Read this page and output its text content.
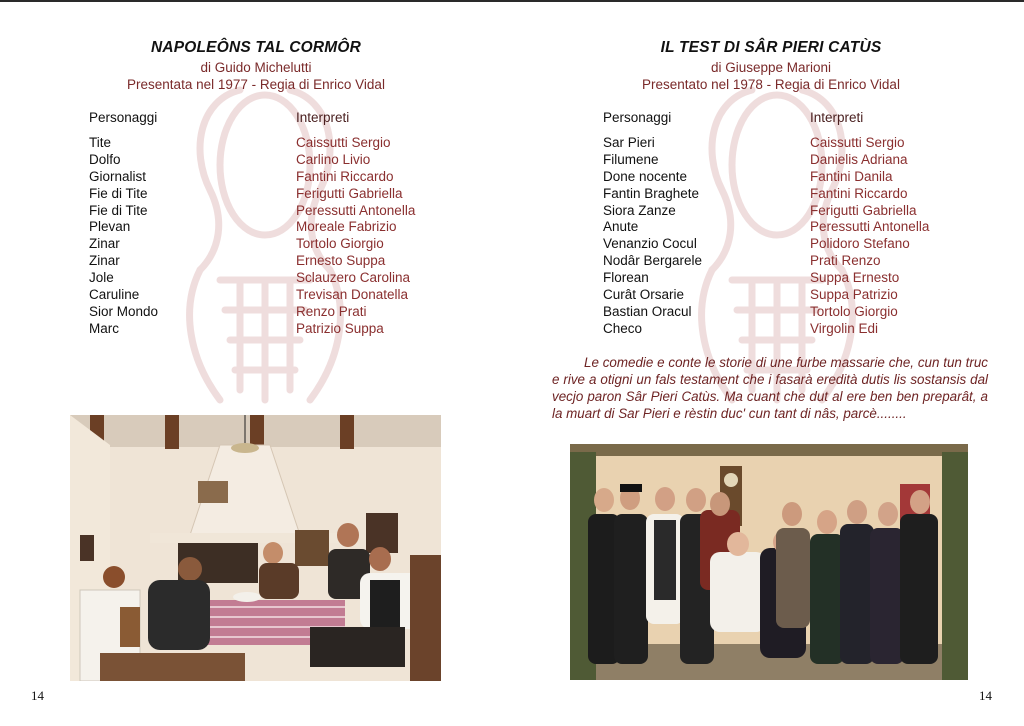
NAPOLEÔNS TAL CORMÔR
di Guido Michelutti
Presentata nel 1977 - Regia di Enrico Vidal
Personaggi	Interpreti
Tite	Caissutti Sergio
Dolfo	Carlino Livio
Giornalist	Fantini Riccardo
Fie di Tite	Ferigutti Gabriella
Fie di Tite	Peressutti Antonella
Plevan	Moreale Fabrizio
Zinar	Tortolo Giorgio
Zinar	Ernesto Suppa
Jole	Sclauzero Carolina
Caruline	Trevisan Donatella
Sior Mondo	Renzo Prati
Marc	Patrizio Suppa
14
IL TEST DI SÂR PIERI CATÙS
di Giuseppe Marioni
Presentato nel 1978 - Regia di Enrico Vidal
Personaggi	Interpreti
Sar Pieri	Caissutti Sergio
Filumene	Danielis Adriana
Done nocente	Fantini Danila
Fantin Braghete	Fantini Riccardo
Siora Zanze	Ferigutti Gabriella
Anute	Peressutti Antonella
Venanzio Cocul	Polidoro Stefano
Nodâr Bergarele	Prati Renzo
Florean	Suppa Ernesto
Curât Orsarie	Suppa Patrizio
Bastian Oracul	Tortolo Giorgio
Checo	Virgolin Edi
Le comedie e conte le storie di une furbe massarie che, cun tun truc e rive a otigni un fals testament che i fasarà eredità dutis lis sostansis dal vecjo paron Sâr Pieri Catùs. Ma cuant che dut al ere ben ben preparât, a la muart di Sar Pieri e rèstin duc' cun tant di nâs, parcè........
14
